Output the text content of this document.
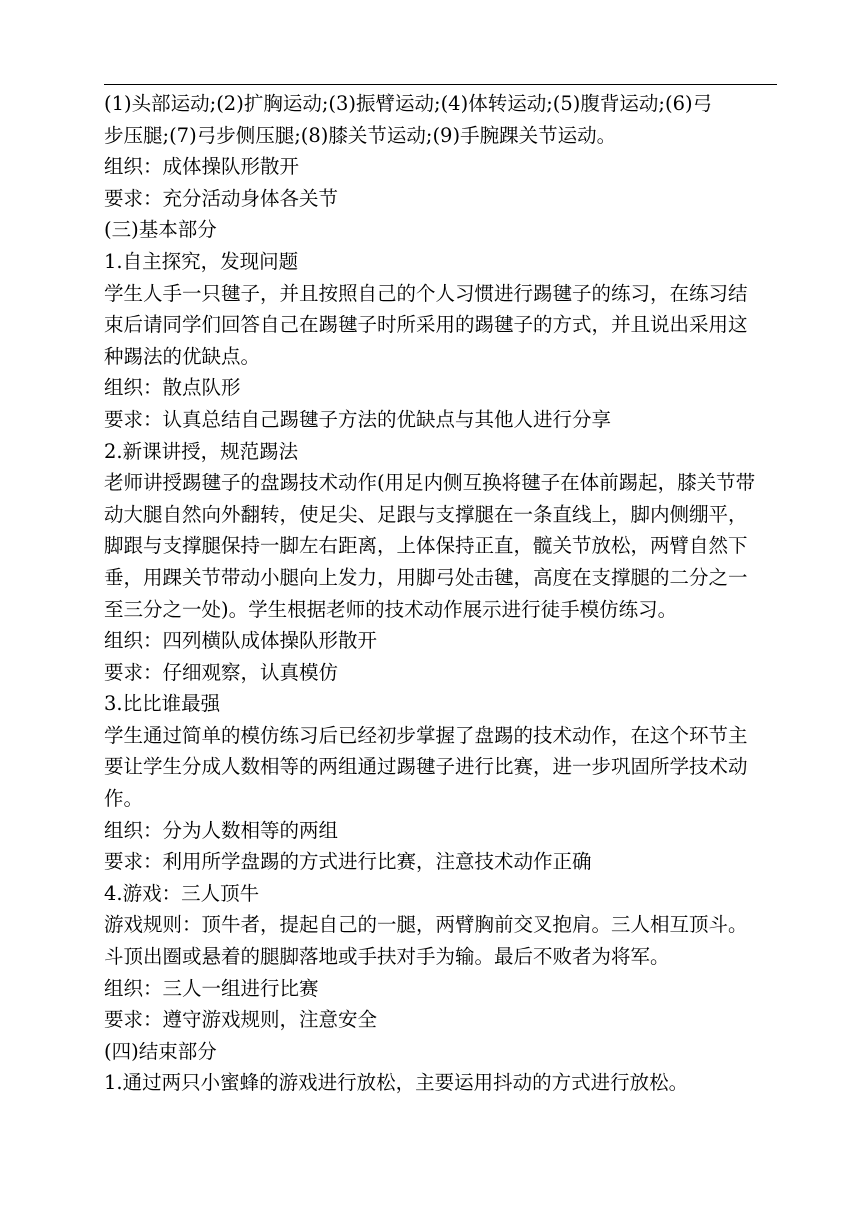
(1)头部运动;(2)扩胸运动;(3)振臂运动;(4)体转运动;(5)腹背运动;(6)弓
步压腿;(7)弓步侧压腿;(8)膝关节运动;(9)手腕踝关节运动。
组织：成体操队形散开
要求：充分活动身体各关节
(三)基本部分
1.自主探究，发现问题
学生人手一只毽子，并且按照自己的个人习惯进行踢毽子的练习，在练习结
束后请同学们回答自己在踢毽子时所采用的踢毽子的方式，并且说出采用这
种踢法的优缺点。
组织：散点队形
要求：认真总结自己踢毽子方法的优缺点与其他人进行分享
2.新课讲授，规范踢法
老师讲授踢毽子的盘踢技术动作(用足内侧互换将毽子在体前踢起，膝关节带
动大腿自然向外翻转，使足尖、足跟与支撑腿在一条直线上，脚内侧绷平，
脚跟与支撑腿保持一脚左右距离，上体保持正直，髋关节放松，两臂自然下
垂，用踝关节带动小腿向上发力，用脚弓处击毽，高度在支撑腿的二分之一
至三分之一处)。学生根据老师的技术动作展示进行徒手模仿练习。
组织：四列横队成体操队形散开
要求：仔细观察，认真模仿
3.比比谁最强
学生通过简单的模仿练习后已经初步掌握了盘踢的技术动作，在这个环节主
要让学生分成人数相等的两组通过踢毽子进行比赛，进一步巩固所学技术动
作。
组织：分为人数相等的两组
要求：利用所学盘踢的方式进行比赛，注意技术动作正确
4.游戏：三人顶牛
游戏规则：顶牛者，提起自己的一腿，两臂胸前交叉抱肩。三人相互顶斗。
斗顶出圈或悬着的腿脚落地或手扶对手为输。最后不败者为将军。
组织：三人一组进行比赛
要求：遵守游戏规则，注意安全
(四)结束部分
1.通过两只小蜜蜂的游戏进行放松，主要运用抖动的方式进行放松。
